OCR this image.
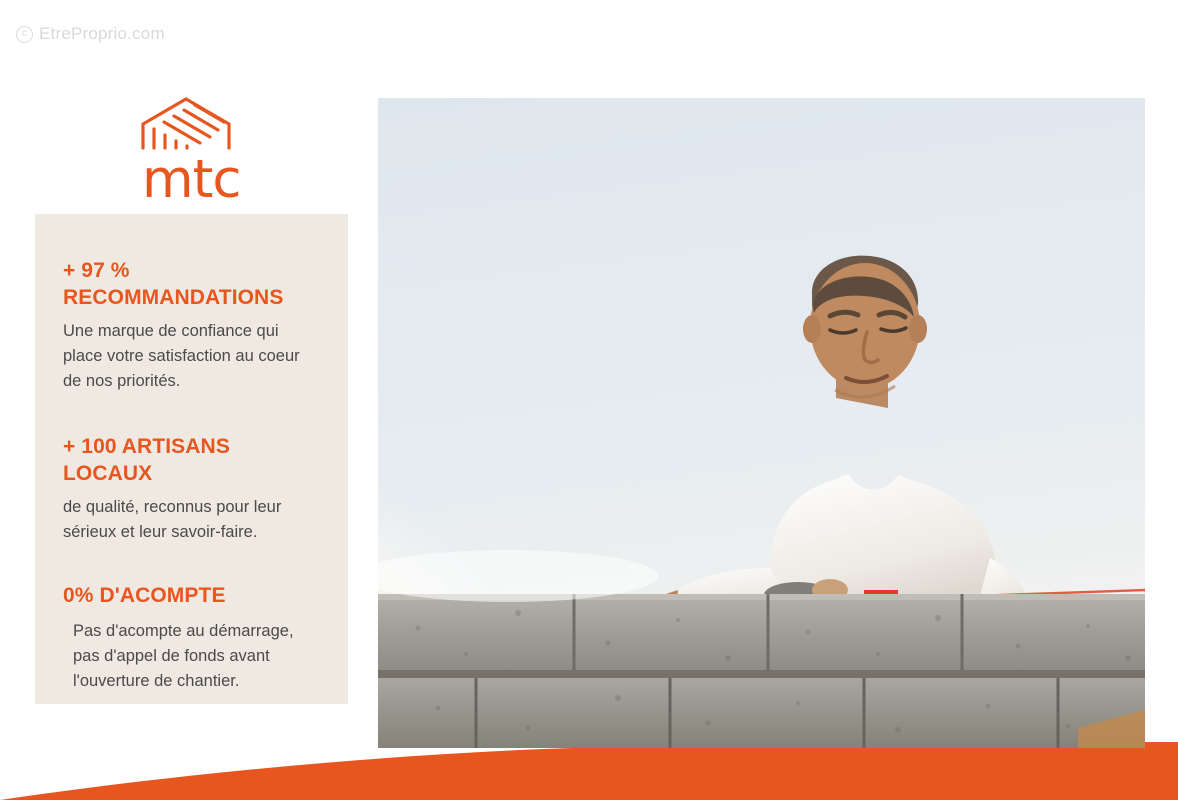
c EtreProprio.com
mtc

+ 97 % RECOMMANDATIONS

Une marque de confiance qui place votre satisfaction au coeur de nos priorités.

+ 100 ARTISANS LOCAUX

de qualité, reconnus pour leur sérieux et leur savoir-faire.

0% D'ACOMPTE

Pas d'acompte au démarrage, pas d'appel de fonds avant l'ouverture de chantier.
